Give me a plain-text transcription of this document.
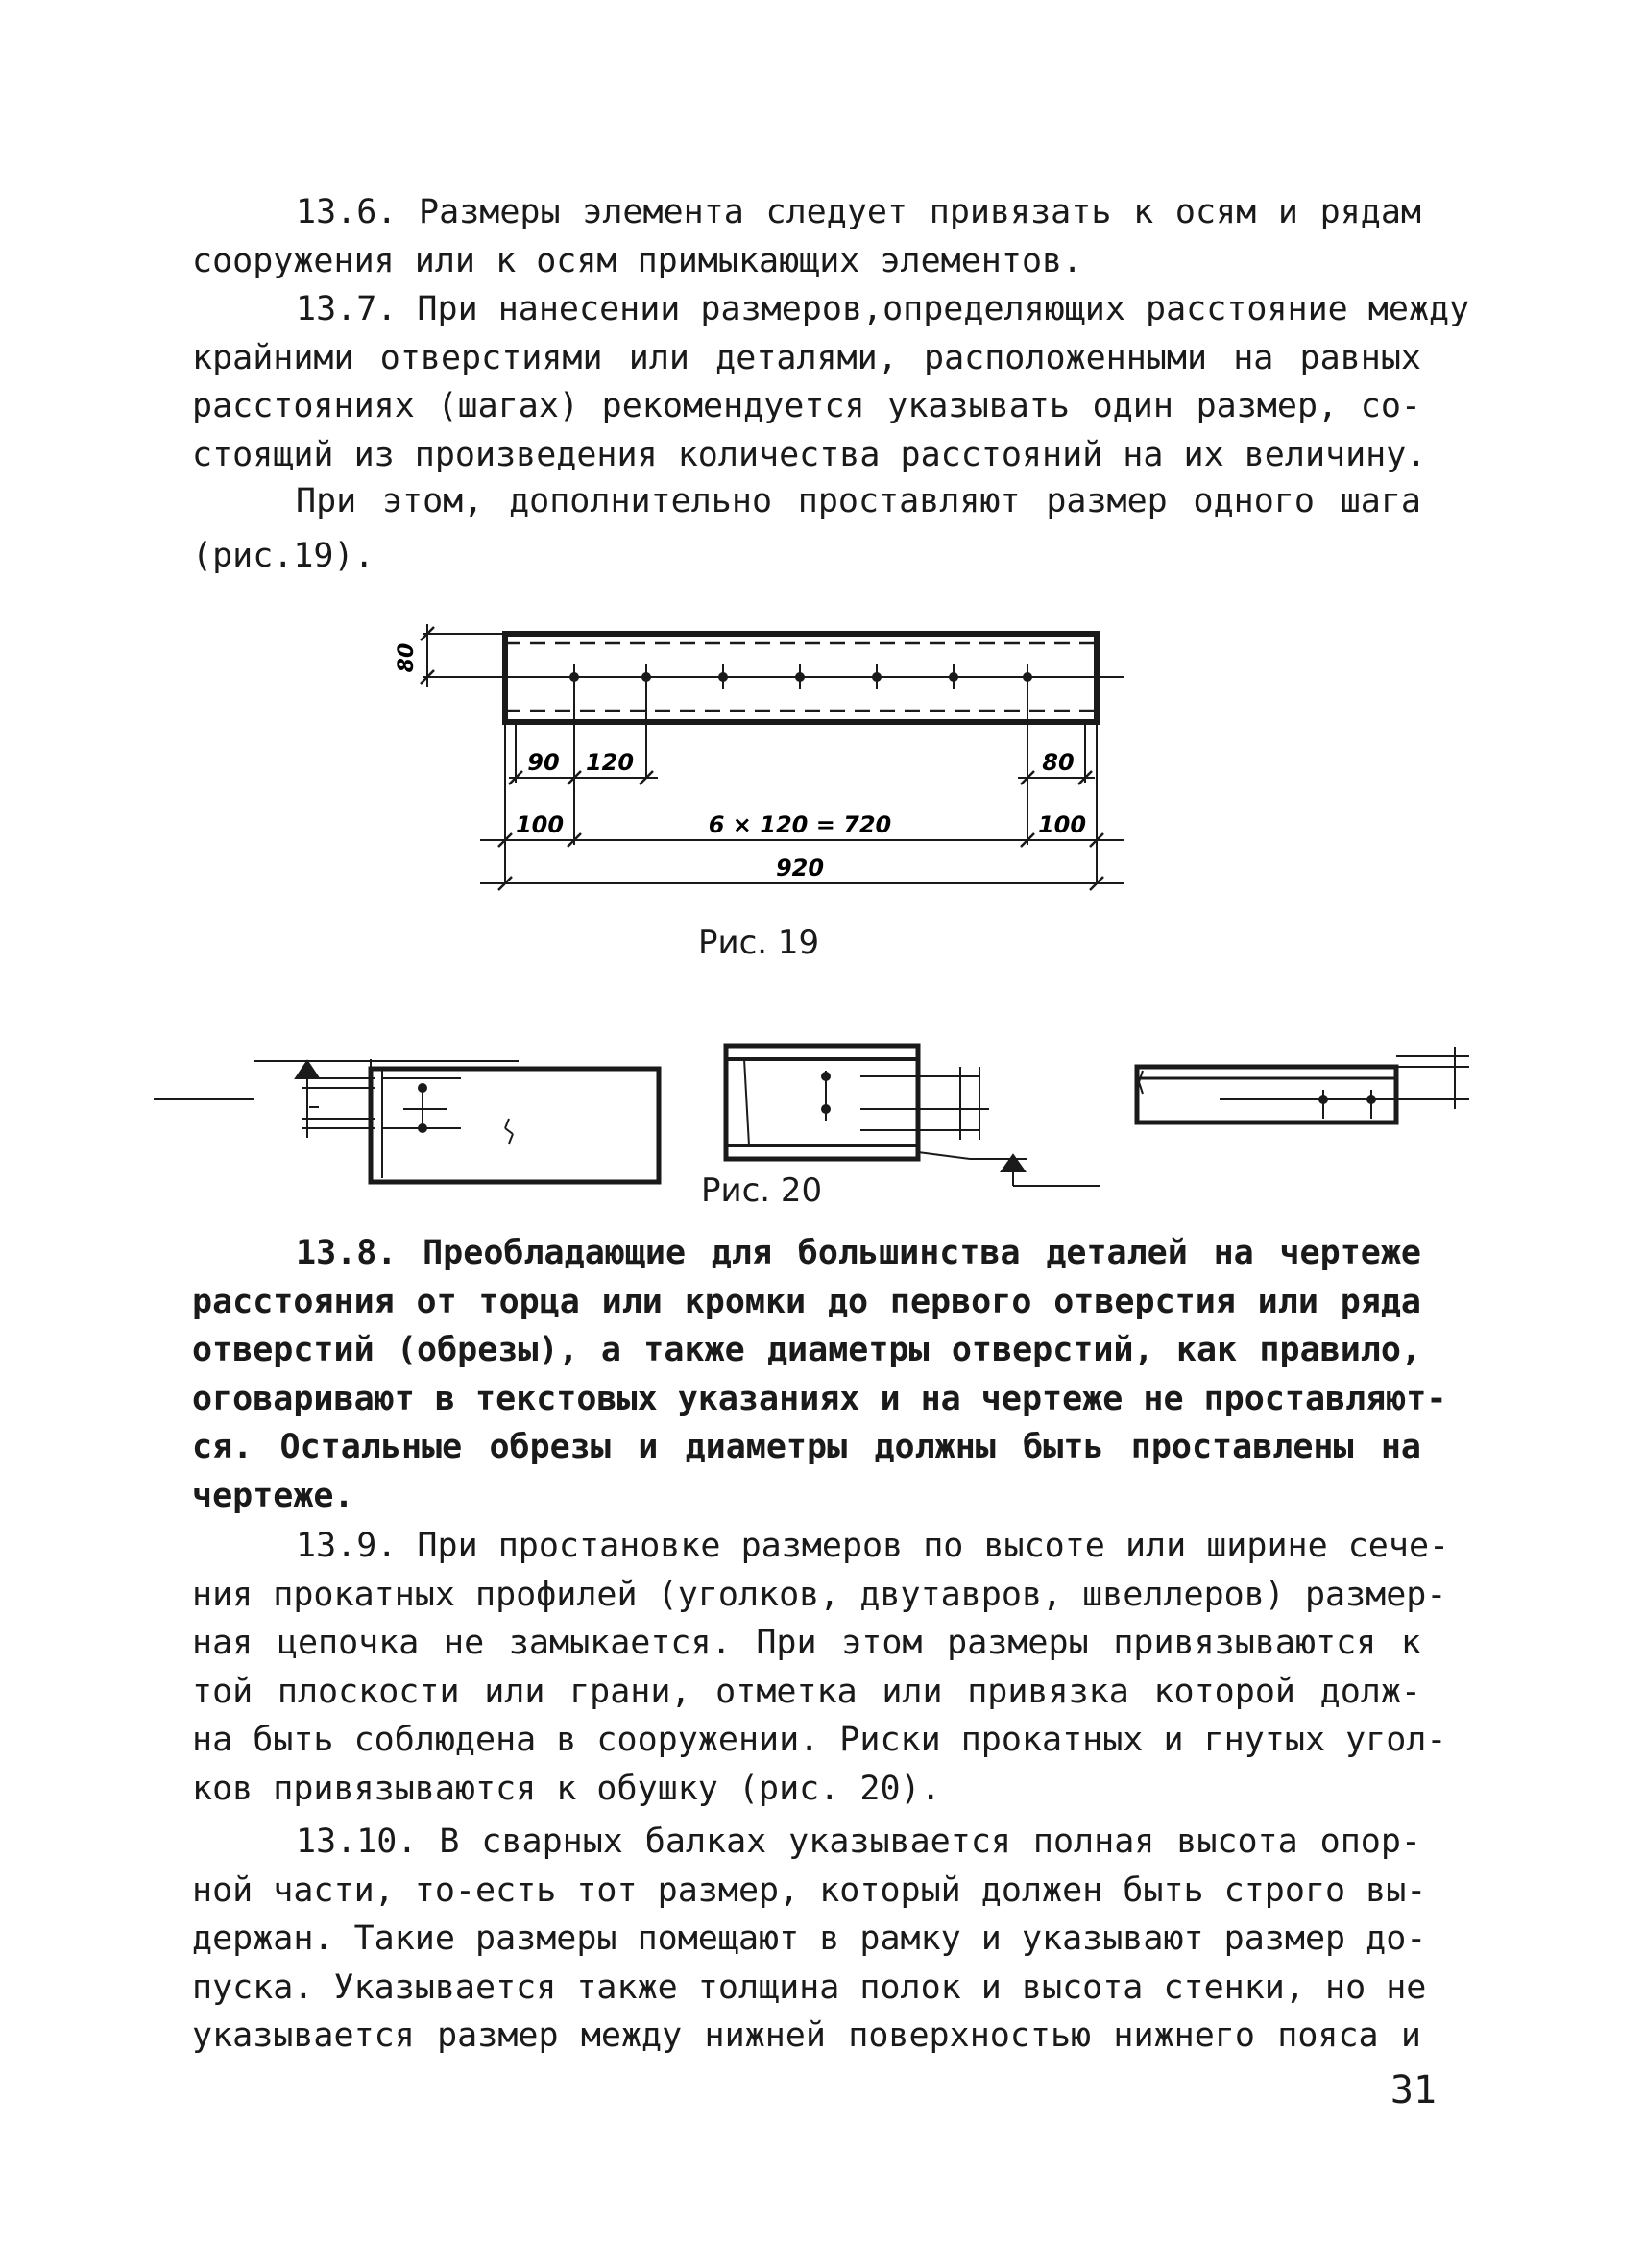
13.6. Размеры элемента следует привязать к осям и рядам
сооружения или к осям примыкающих элементов.
13.7. При нанесении размеров,определяющих расстояние между
крайними отверстиями или деталями, расположенными на равных
расстояниях (шагах) рекомендуется указывать один размер, со-
стоящий из произведения количества расстояний на их величину.
При этом, дополнительно проставляют размер одного шага
(рис.19).
80
90 120	80
100	6 × 120 = 720	100
920
Рис. 19
Рис. 20
13.8. Преобладающие для большинства деталей на чертеже
расстояния от торца или кромки до первого отверстия или ряда
отверстий (обрезы), а также диаметры отверстий, как правило,
оговаривают в текстовых указаниях и на чертеже не проставляют-
ся. Остальные обрезы и диаметры должны быть проставлены на
чертеже.
13.9. При простановке размеров по высоте или ширине сече-
ния прокатных профилей (уголков, двутавров, швеллеров) размер-
ная цепочка не замыкается. При этом размеры привязываются к
той плоскости или грани, отметка или привязка которой долж-
на быть соблюдена в сооружении. Риски прокатных и гнутых угол-
ков привязываются к обушку (рис. 20).
13.10. В сварных балках указывается полная высота опор-
ной части, то-есть тот размер, который должен быть строго вы-
держан. Такие размеры помещают в рамку и указывают размер до-
пуска. Указывается также толщина полок и высота стенки, но не
указывается размер между нижней поверхностью нижнего пояса и
31
